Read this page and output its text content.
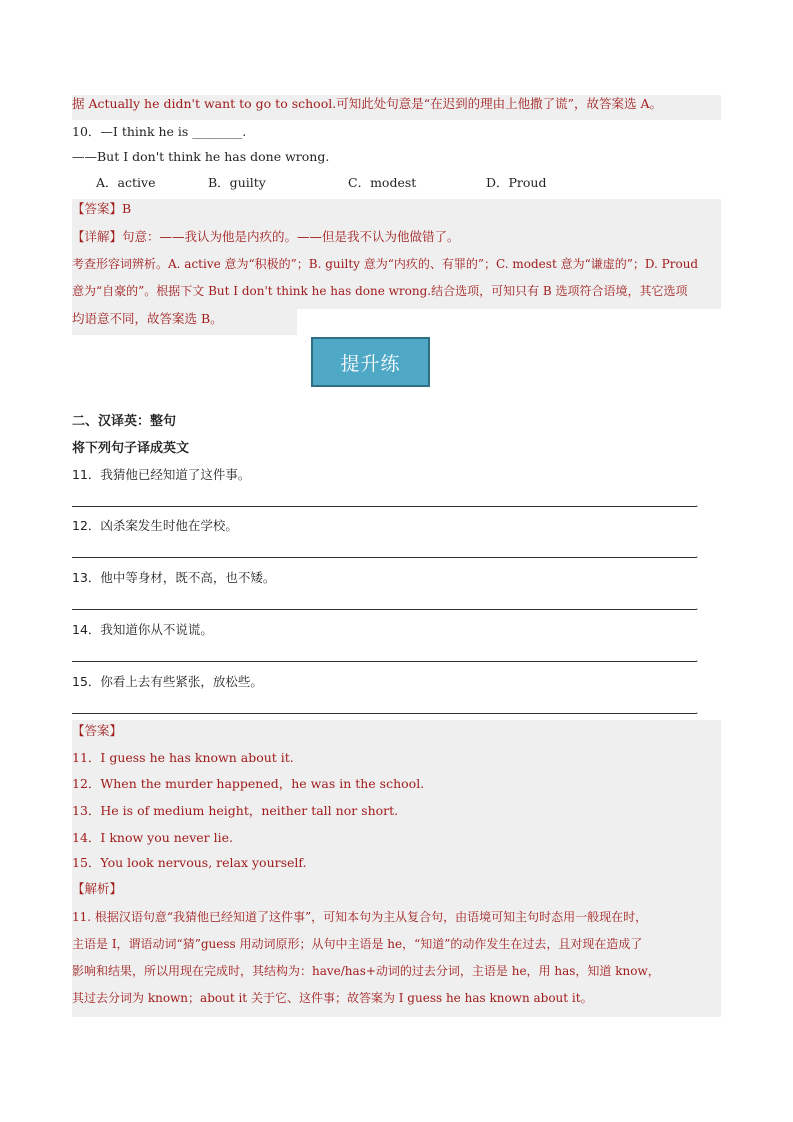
据 Actually he didn't want to go to school.可知此处句意是“在迟到的理由上他撒了谎”，故答案选 A。
10．—I think he is ________.
——But I don't think he has done wrong.
A．active	B．guilty	C．modest	D．Proud
【答案】B
【详解】句意：——我认为他是内疚的。——但是我不认为他做错了。
考查形容词辨析。A. active 意为“积极的”；B. guilty 意为“内疚的、有罪的”；C. modest 意为“谦虚的”；D. Proud
意为“自豪的”。根据下文 But I don't think he has done wrong.结合选项，可知只有 B 选项符合语境，其它选项
均语意不同，故答案选 B。
提升练
二、汉译英：整句
将下列句子译成英文
11．我猜他已经知道了这件事。
.
12．凶杀案发生时他在学校。
.
13．他中等身材，既不高，也不矮。
.
14．我知道你从不说谎。
.
15．你看上去有些紧张，放松些。
.
【答案】
11．I guess he has known about it.
12．When the murder happened，he was in the school.
13．He is of medium height，neither tall nor short.
14．I know you never lie.
15．You look nervous, relax yourself.
【解析】
11. 根据汉语句意“我猜他已经知道了这件事”，可知本句为主从复合句，由语境可知主句时态用一般现在时，
主语是 I，谓语动词“猜”guess 用动词原形；从句中主语是 he，“知道”的动作发生在过去，且对现在造成了
影响和结果，所以用现在完成时，其结构为：have/has+动词的过去分词，主语是 he，用 has，知道 know，
其过去分词为 known；about it 关于它、这件事；故答案为 I guess he has known about it。
